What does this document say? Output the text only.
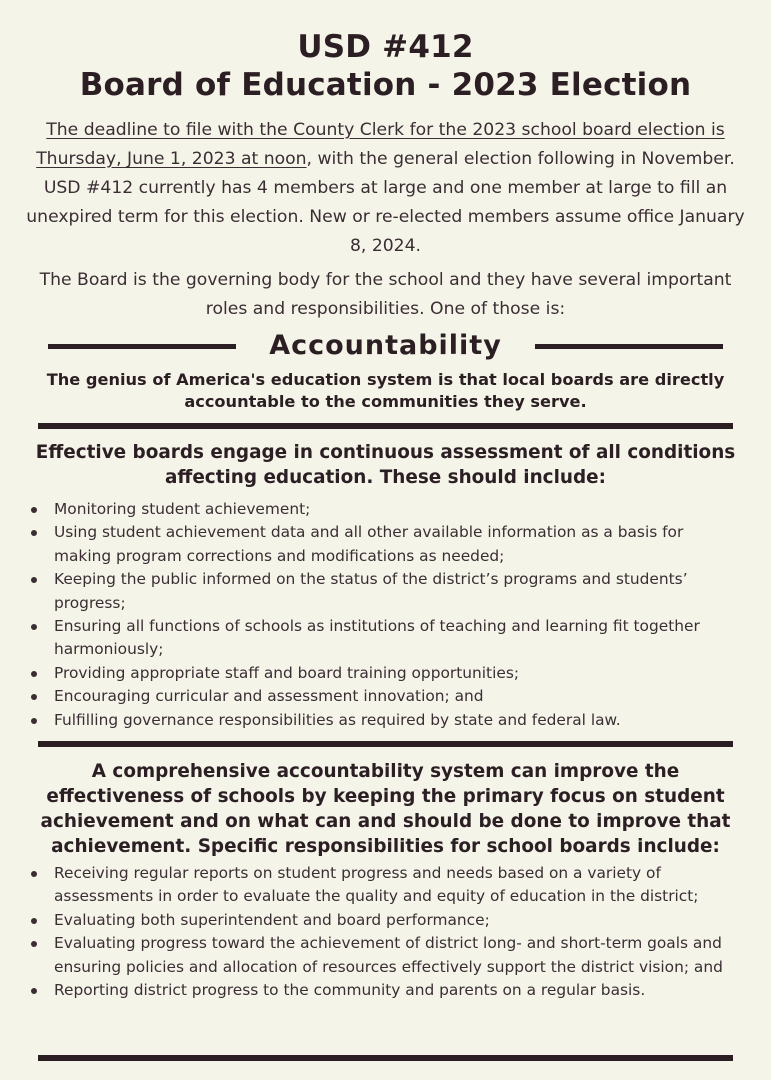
USD #412
Board of Education - 2023 Election

The deadline to file with the County Clerk for the 2023 school board election is Thursday, June 1, 2023 at noon, with the general election following in November. USD #412 currently has 4 members at large and one member at large to fill an unexpired term for this election. New or re-elected members assume office January 8, 2024.

The Board is the governing body for the school and they have several important roles and responsibilities. One of those is:

Accountability

The genius of America's education system is that local boards are directly accountable to the communities they serve.

Effective boards engage in continuous assessment of all conditions affecting education. These should include:
Monitoring student achievement;
Using student achievement data and all other available information as a basis for making program corrections and modifications as needed;
Keeping the public informed on the status of the district’s programs and students’ progress;
Ensuring all functions of schools as institutions of teaching and learning fit together harmoniously;
Providing appropriate staff and board training opportunities;
Encouraging curricular and assessment innovation; and
Fulfilling governance responsibilities as required by state and federal law.
A comprehensive accountability system can improve the effectiveness of schools by keeping the primary focus on student achievement and on what can and should be done to improve that achievement. Specific responsibilities for school boards include:
Receiving regular reports on student progress and needs based on a variety of assessments in order to evaluate the quality and equity of education in the district;
Evaluating both superintendent and board performance;
Evaluating progress toward the achievement of district long- and short-term goals and ensuring policies and allocation of resources effectively support the district vision; and
Reporting district progress to the community and parents on a regular basis.
